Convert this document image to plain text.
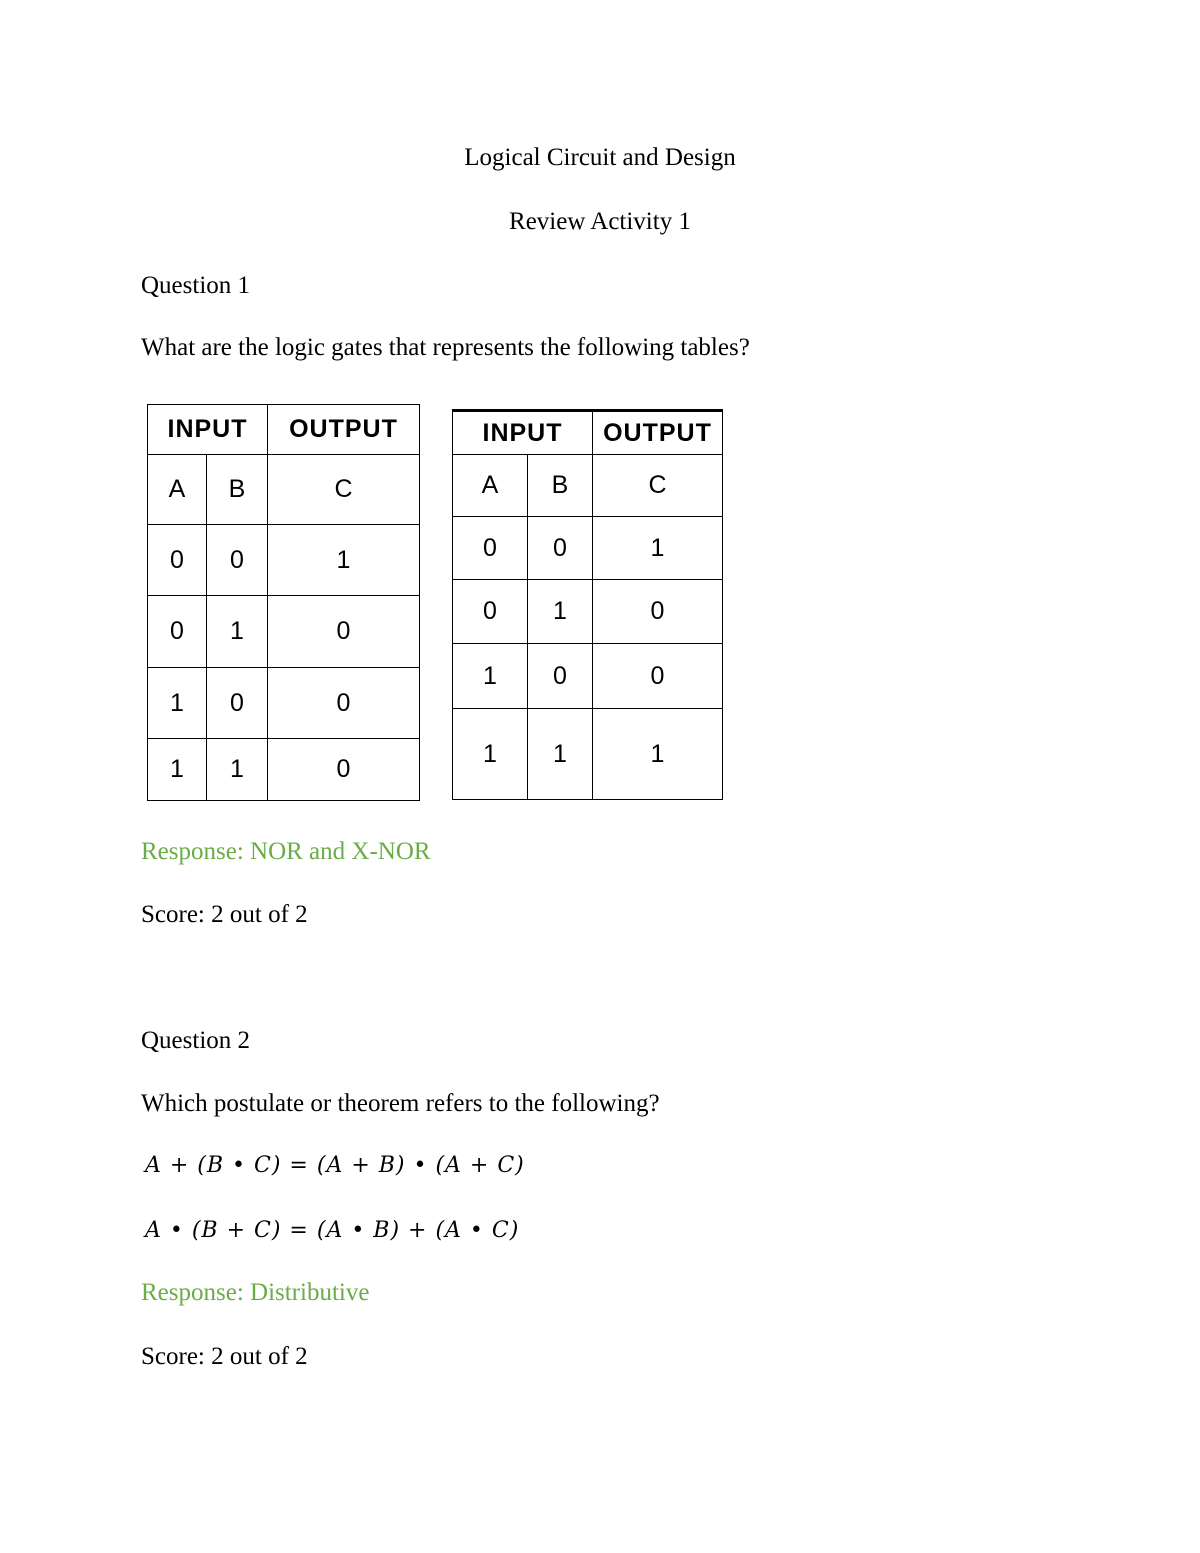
Logical Circuit and Design
Review Activity 1
Question 1
What are the logic gates that represents the following tables?
INPUT		OUTPUT
A	B	C
0	0	1
0	1	0
1	0	0
1	1	0
INPUT		OUTPUT
A	B	C
0	0	1
0	1	0
1	0	0
1	1	1
Response: NOR and X-NOR
Score: 2 out of 2
Question 2
Which postulate or theorem refers to the following?
A + (B • C) = (A + B) • (A + C)
A • (B + C) = (A • B) + (A • C)
Response: Distributive
Score: 2 out of 2
